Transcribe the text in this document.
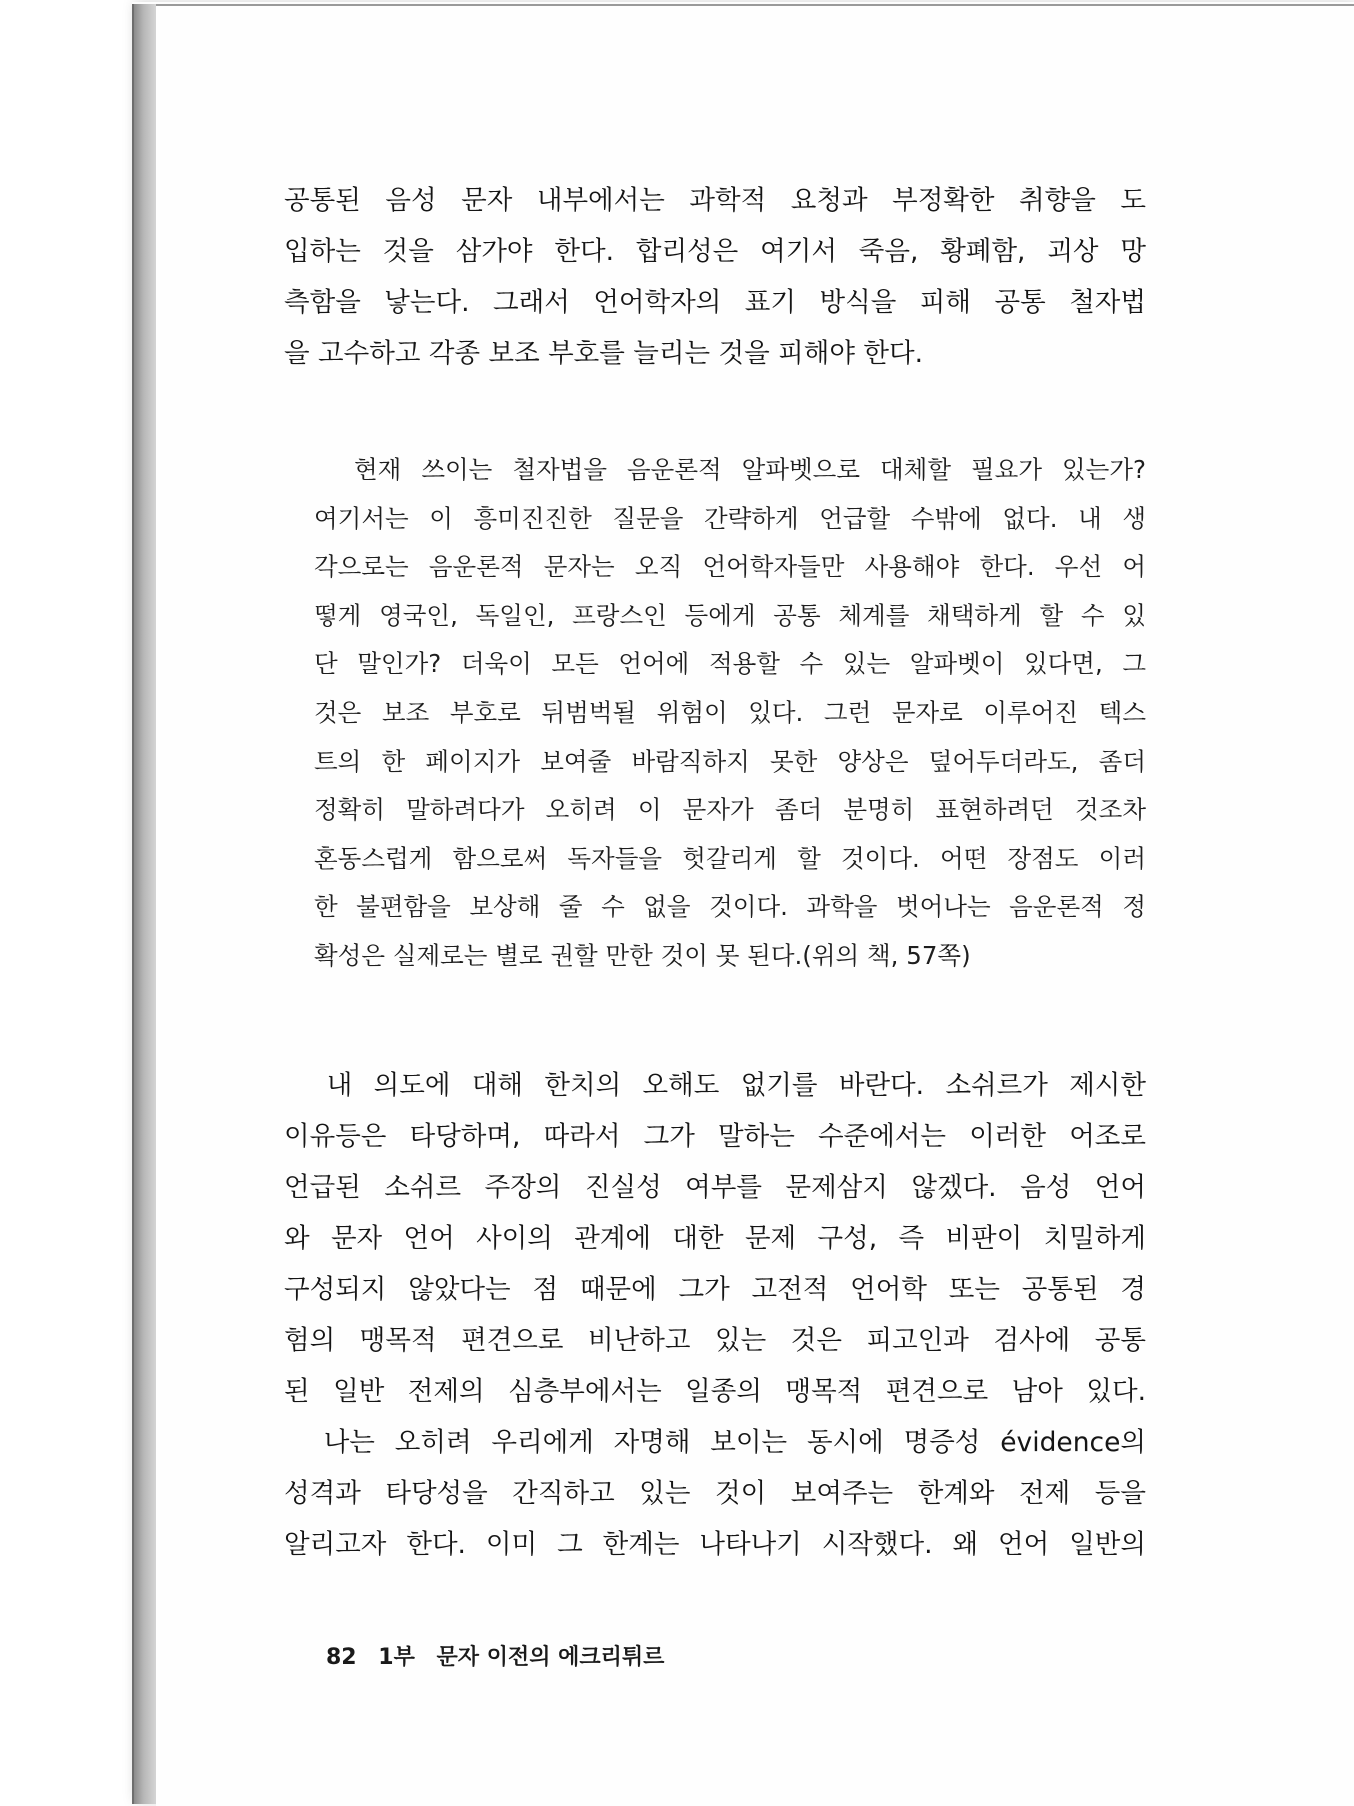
공통된 음성 문자 내부에서는 과학적 요청과 부정확한 취향을 도
입하는 것을 삼가야 한다. 합리성은 여기서 죽음, 황폐함, 괴상 망
측함을 낳는다. 그래서 언어학자의 표기 방식을 피해 공통 철자법
을 고수하고 각종 보조 부호를 늘리는 것을 피해야 한다.
현재 쓰이는 철자법을 음운론적 알파벳으로 대체할 필요가 있는가?
여기서는 이 흥미진진한 질문을 간략하게 언급할 수밖에 없다. 내 생
각으로는 음운론적 문자는 오직 언어학자들만 사용해야 한다. 우선 어
떻게 영국인, 독일인, 프랑스인 등에게 공통 체계를 채택하게 할 수 있
단 말인가? 더욱이 모든 언어에 적용할 수 있는 알파벳이 있다면, 그
것은 보조 부호로 뒤범벅될 위험이 있다. 그런 문자로 이루어진 텍스
트의 한 페이지가 보여줄 바람직하지 못한 양상은 덮어두더라도, 좀더
정확히 말하려다가 오히려 이 문자가 좀더 분명히 표현하려던 것조차
혼동스럽게 함으로써 독자들을 헛갈리게 할 것이다. 어떤 장점도 이러
한 불편함을 보상해 줄 수 없을 것이다. 과학을 벗어나는 음운론적 정
확성은 실제로는 별로 권할 만한 것이 못 된다.(위의 책, 57쪽)
내 의도에 대해 한치의 오해도 없기를 바란다. 소쉬르가 제시한
이유등은 타당하며, 따라서 그가 말하는 수준에서는 이러한 어조로
언급된 소쉬르 주장의 진실성 여부를 문제삼지 않겠다. 음성 언어
와 문자 언어 사이의 관계에 대한 문제 구성, 즉 비판이 치밀하게
구성되지 않았다는 점 때문에 그가 고전적 언어학 또는 공통된 경
험의 맹목적 편견으로 비난하고 있는 것은 피고인과 검사에 공통
된 일반 전제의 심층부에서는 일종의 맹목적 편견으로 남아 있다.
나는 오히려 우리에게 자명해 보이는 동시에 명증성 évidence의
성격과 타당성을 간직하고 있는 것이 보여주는 한계와 전제 등을
알리고자 한다. 이미 그 한계는 나타나기 시작했다. 왜 언어 일반의
82 1부 문자 이전의 에크리튀르
